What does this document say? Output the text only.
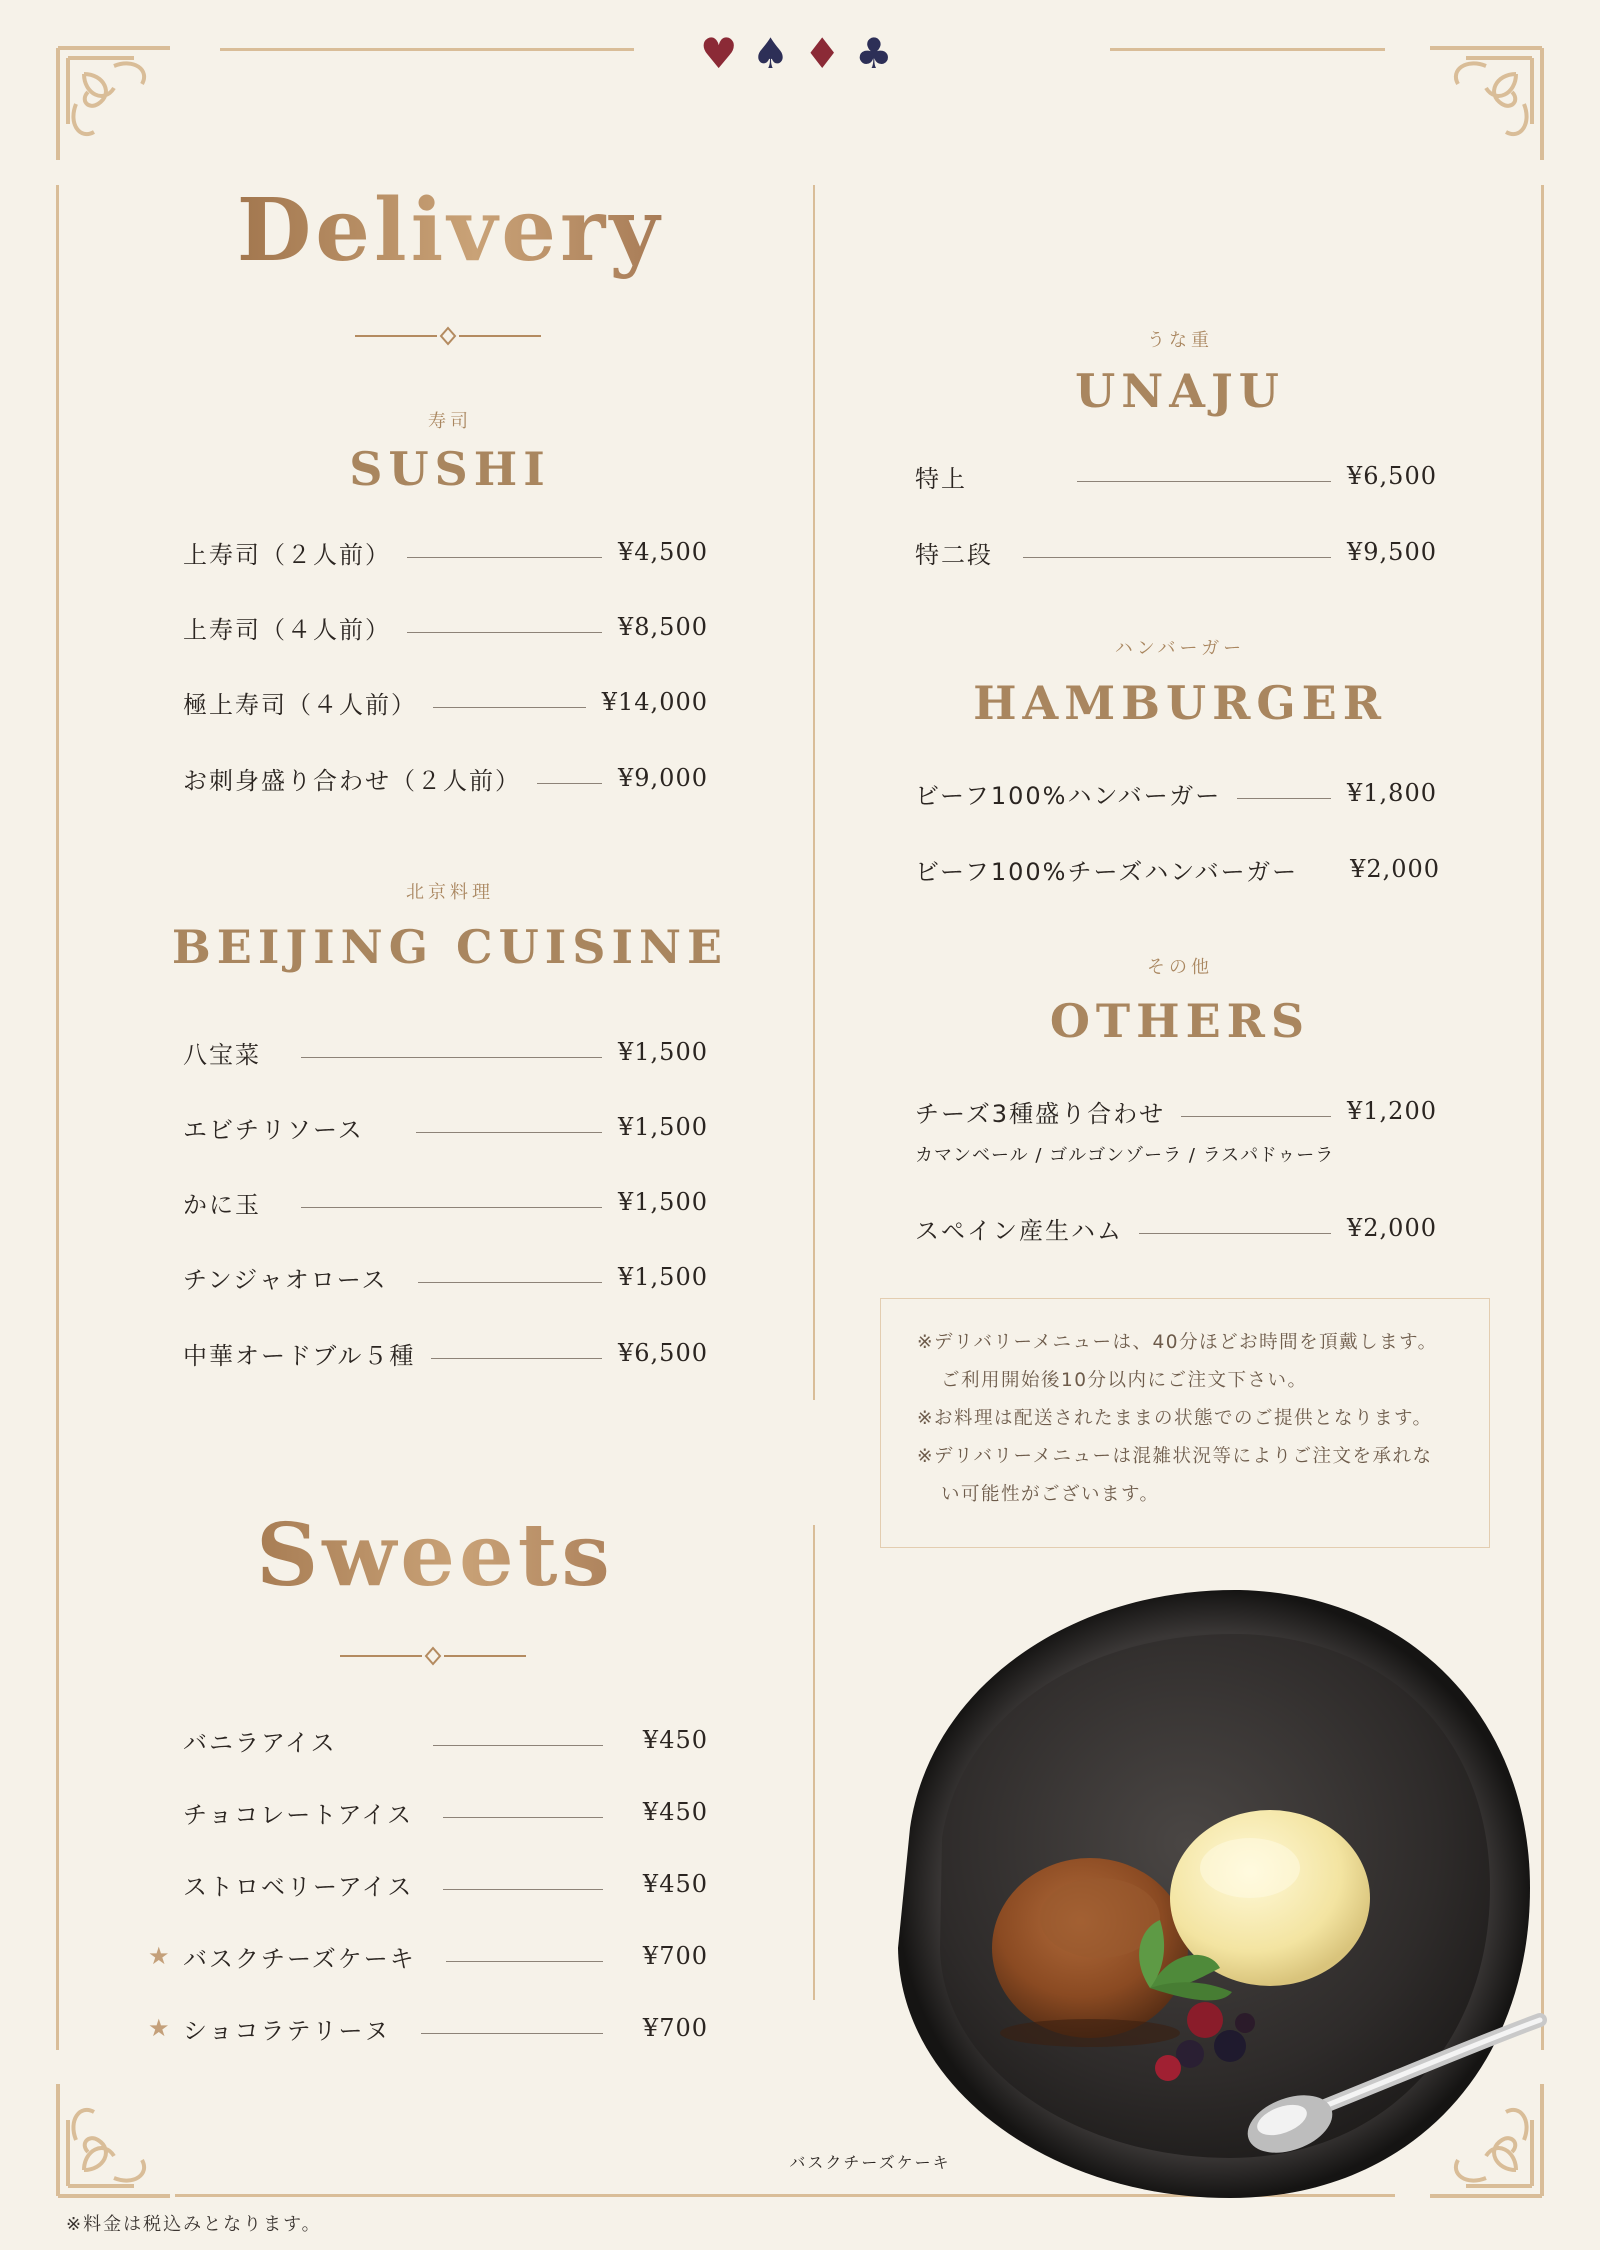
♥ ♠ ♦ ♣
Delivery
寿司
SUSHI
上寿司（２人前）	¥4,500
上寿司（４人前）	¥8,500
極上寿司（４人前）	¥14,000
お刺身盛り合わせ（２人前）	¥9,000
北京料理
BEIJING CUISINE
八宝菜	¥1,500
エビチリソース	¥1,500
かに玉	¥1,500
チンジャオロース	¥1,500
中華オードブル５種	¥6,500
うな重
UNAJU
特上	¥6,500
特二段	¥9,500
ハンバーガー
HAMBURGER
ビーフ100%ハンバーガー	¥1,800
ビーフ100%チーズハンバーガー ¥2,000
その他
OTHERS
チーズ3種盛り合わせ	¥1,200
カマンベール / ゴルゴンゾーラ / ラスパドゥーラ
スペイン産生ハム	¥2,000

※デリバリーメニューは、40分ほどお時間を頂戴します。

ご利用開始後10分以内にご注文下さい。

※お料理は配送されたままの状態でのご提供となります。

※デリバリーメニューは混雑状況等によりご注文を承れな

い可能性がございます。

Sweets
バニラアイス	¥450
チョコレートアイス	¥450
ストロベリーアイス	¥450
★ バスクチーズケーキ	¥700
★ ショコラテリーヌ	¥700
バスクチーズケーキ
※料金は税込みとなります。
